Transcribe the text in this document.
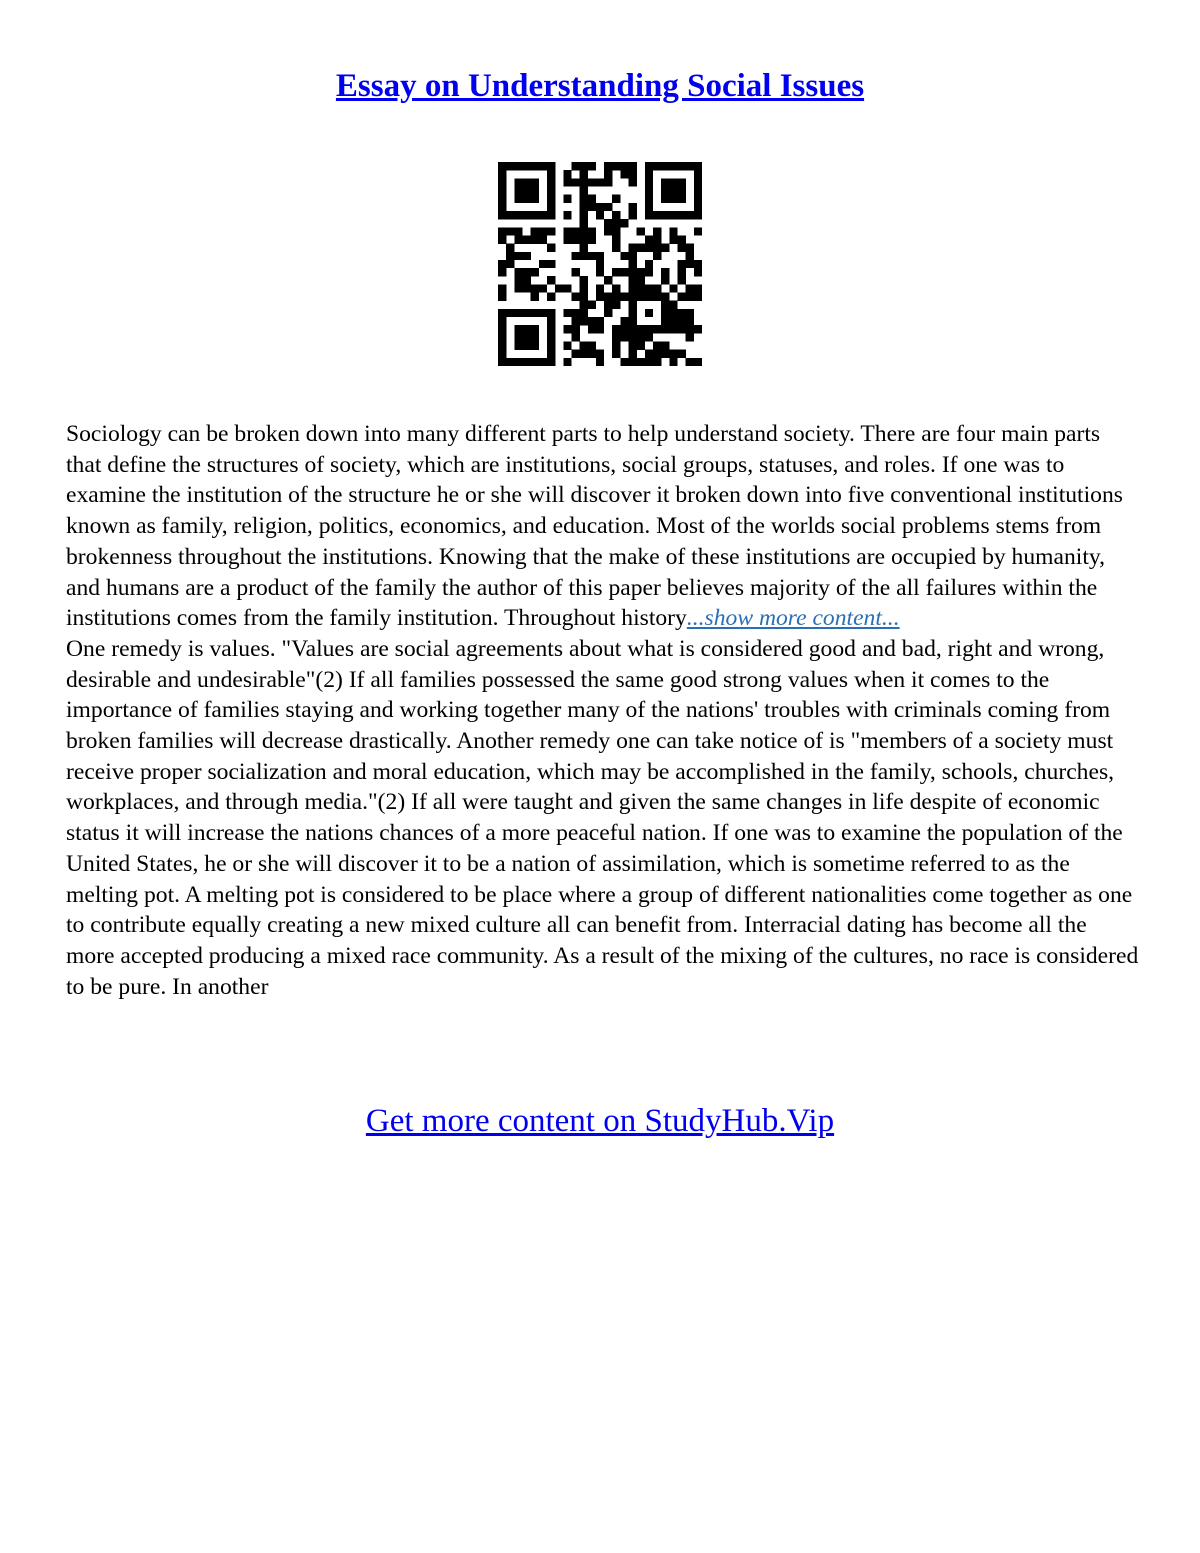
Essay on Understanding Social Issues

Sociology can be broken down into many different parts to help understand society. There are four main parts that define the structures of society, which are institutions, social groups, statuses, and roles. If one was to examine the institution of the structure he or she will discover it broken down into five conventional institutions known as family, religion, politics, economics, and education. Most of the worlds social problems stems from brokenness throughout the institutions. Knowing that the make of these institutions are occupied by humanity, and humans are a product of the family the author of this paper believes majority of the all failures within the institutions comes from the family institution. Throughout history...show more content...

One remedy is values. "Values are social agreements about what is considered good and bad, right and wrong, desirable and undesirable"(2) If all families possessed the same good strong values when it comes to the importance of families staying and working together many of the nations' troubles with criminals coming from broken families will decrease drastically. Another remedy one can take notice of is "members of a society must receive proper socialization and moral education, which may be accomplished in the family, schools, churches, workplaces, and through media."(2) If all were taught and given the same changes in life despite of economic status it will increase the nations chances of a more peaceful nation. If one was to examine the population of the United States, he or she will discover it to be a nation of assimilation, which is sometime referred to as the melting pot. A melting pot is considered to be place where a group of different nationalities come together as one to contribute equally creating a new mixed culture all can benefit from. Interracial dating has become all the more accepted producing a mixed race community. As a result of the mixing of the cultures, no race is considered to be pure. In another

Get more content on StudyHub.Vip
